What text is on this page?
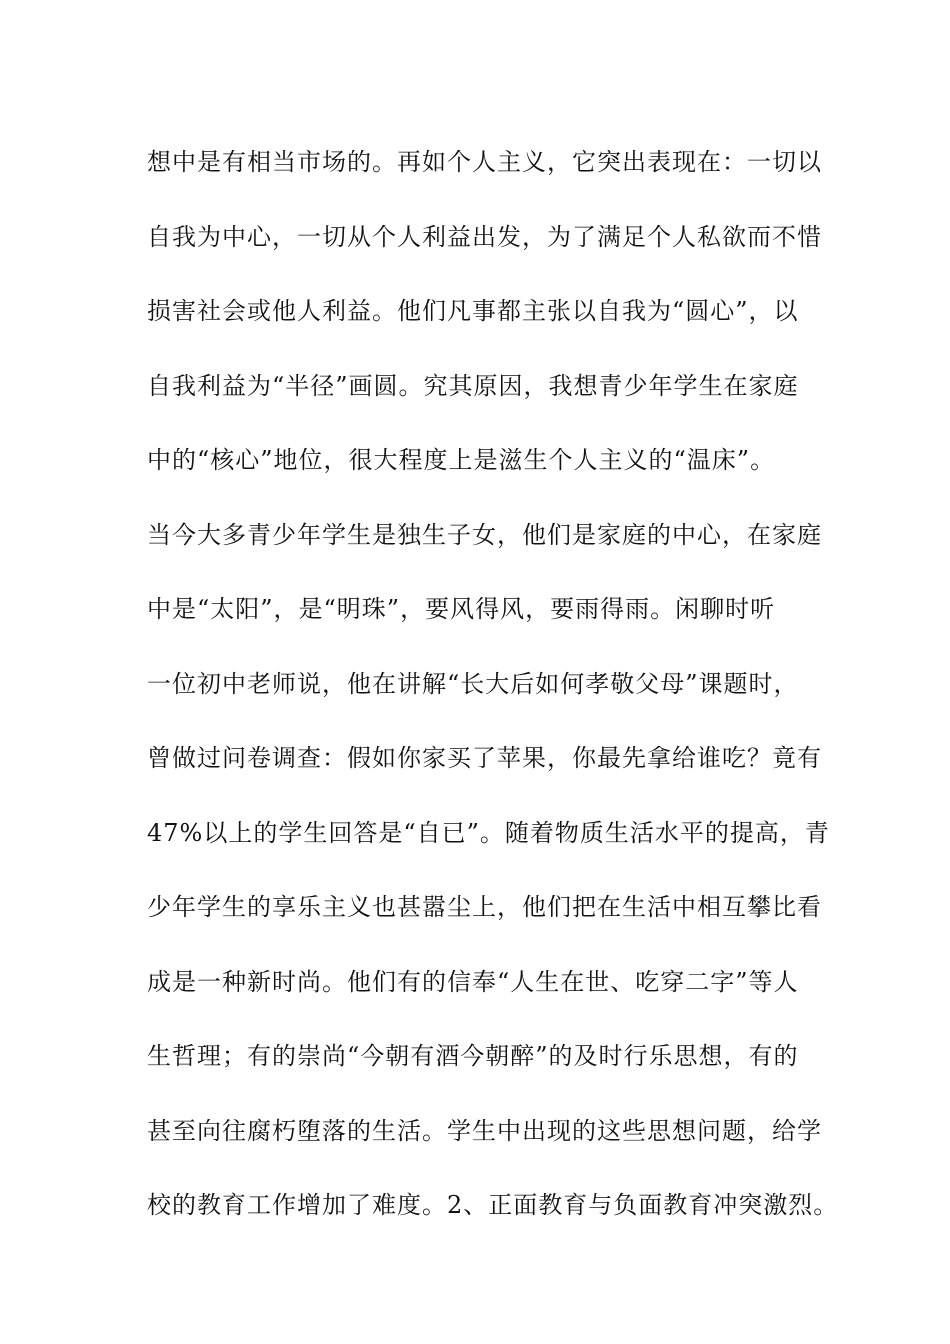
想中是有相当市场的。再如个人主义，它突出表现在：一切以
自我为中心，一切从个人利益出发，为了满足个人私欲而不惜
损害社会或他人利益。他们凡事都主张以自我为“圆心”，以
自我利益为“半径”画圆。究其原因，我想青少年学生在家庭
中的“核心”地位，很大程度上是滋生个人主义的“温床”。
当今大多青少年学生是独生子女，他们是家庭的中心，在家庭
中是“太阳”，是“明珠”，要风得风，要雨得雨。闲聊时听
一位初中老师说，他在讲解“长大后如何孝敬父母”课题时，
曾做过问卷调查：假如你家买了苹果，你最先拿给谁吃？竟有
47%以上的学生回答是“自已”。随着物质生活水平的提高，青
少年学生的享乐主义也甚嚣尘上，他们把在生活中相互攀比看
成是一种新时尚。他们有的信奉“人生在世、吃穿二字”等人
生哲理；有的崇尚“今朝有酒今朝醉”的及时行乐思想，有的
甚至向往腐朽堕落的生活。学生中出现的这些思想问题，给学
校的教育工作增加了难度。2、正面教育与负面教育冲突激烈。
